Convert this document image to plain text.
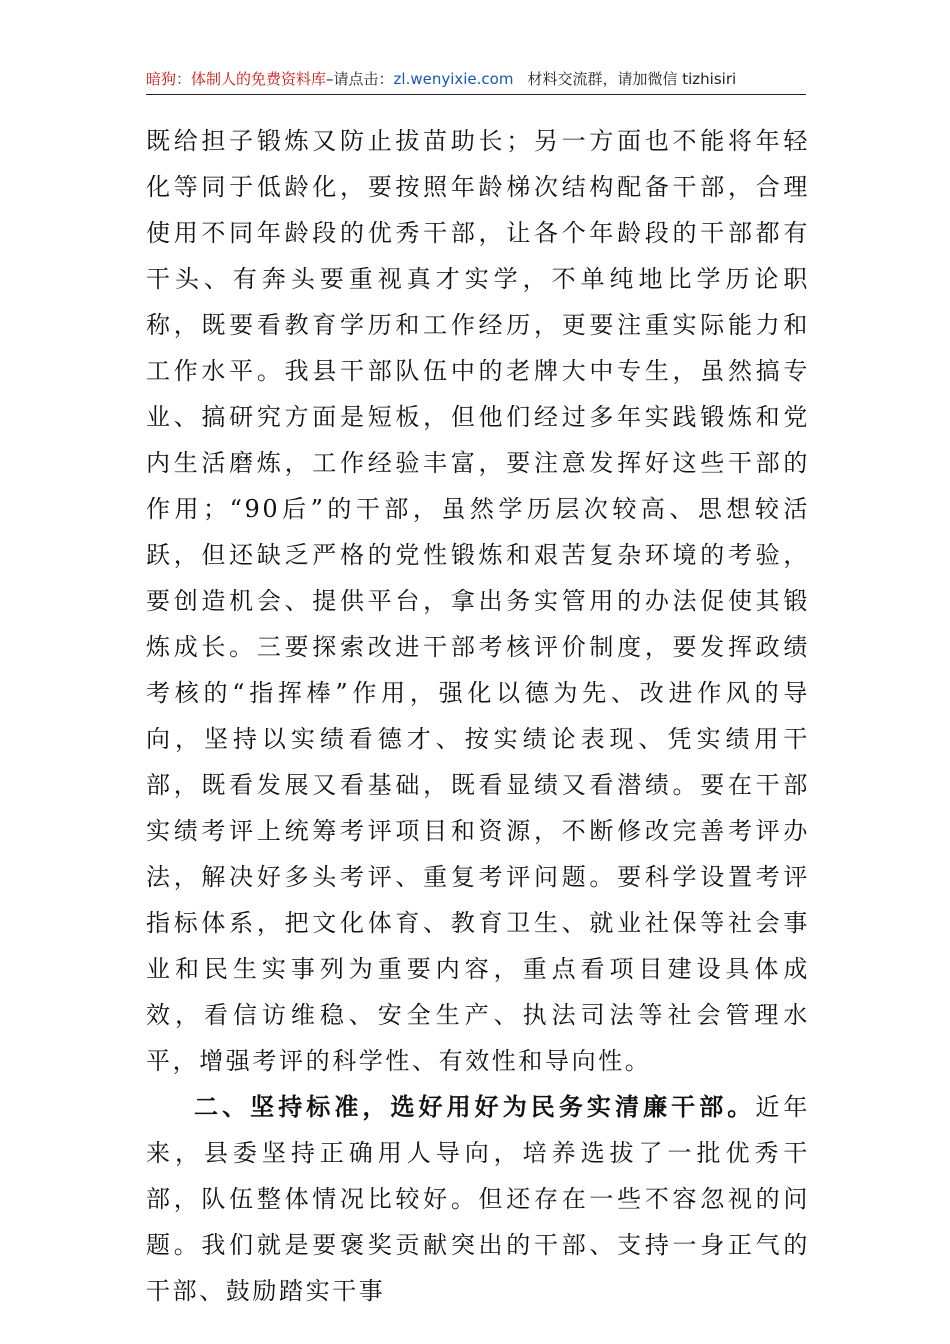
暗狗：体制人的免费资料库–请点击：zl.wenyixie.com 材料交流群，请加微信 tizhisiri

既给担子锻炼又防止拔苗助长；另一方面也不能将年轻化等同于低龄化，要按照年龄梯次结构配备干部，合理使用不同年龄段的优秀干部，让各个年龄段的干部都有干头、有奔头要重视真才实学，不单纯地比学历论职称，既要看教育学历和工作经历，更要注重实际能力和工作水平。我县干部队伍中的老牌大中专生，虽然搞专业、搞研究方面是短板，但他们经过多年实践锻炼和党内生活磨炼，工作经验丰富，要注意发挥好这些干部的作用；“90后”的干部，虽然学历层次较高、思想较活跃，但还缺乏严格的党性锻炼和艰苦复杂环境的考验，要创造机会、提供平台，拿出务实管用的办法促使其锻炼成长。三要探索改进干部考核评价制度，要发挥政绩考核的“指挥棒”作用，强化以德为先、改进作风的导向，坚持以实绩看德才、按实绩论表现、凭实绩用干部，既看发展又看基础，既看显绩又看潜绩。要在干部实绩考评上统筹考评项目和资源，不断修改完善考评办法，解决好多头考评、重复考评问题。要科学设置考评指标体系，把文化体育、教育卫生、就业社保等社会事业和民生实事列为重要内容，重点看项目建设具体成效，看信访维稳、安全生产、执法司法等社会管理水平，增强考评的科学性、有效性和导向性。

二、坚持标准，选好用好为民务实清廉干部。近年来，县委坚持正确用人导向，培养选拔了一批优秀干部，队伍整体情况比较好。但还存在一些不容忽视的问题。我们就是要褒奖贡献突出的干部、支持一身正气的干部、鼓励踏实干事
